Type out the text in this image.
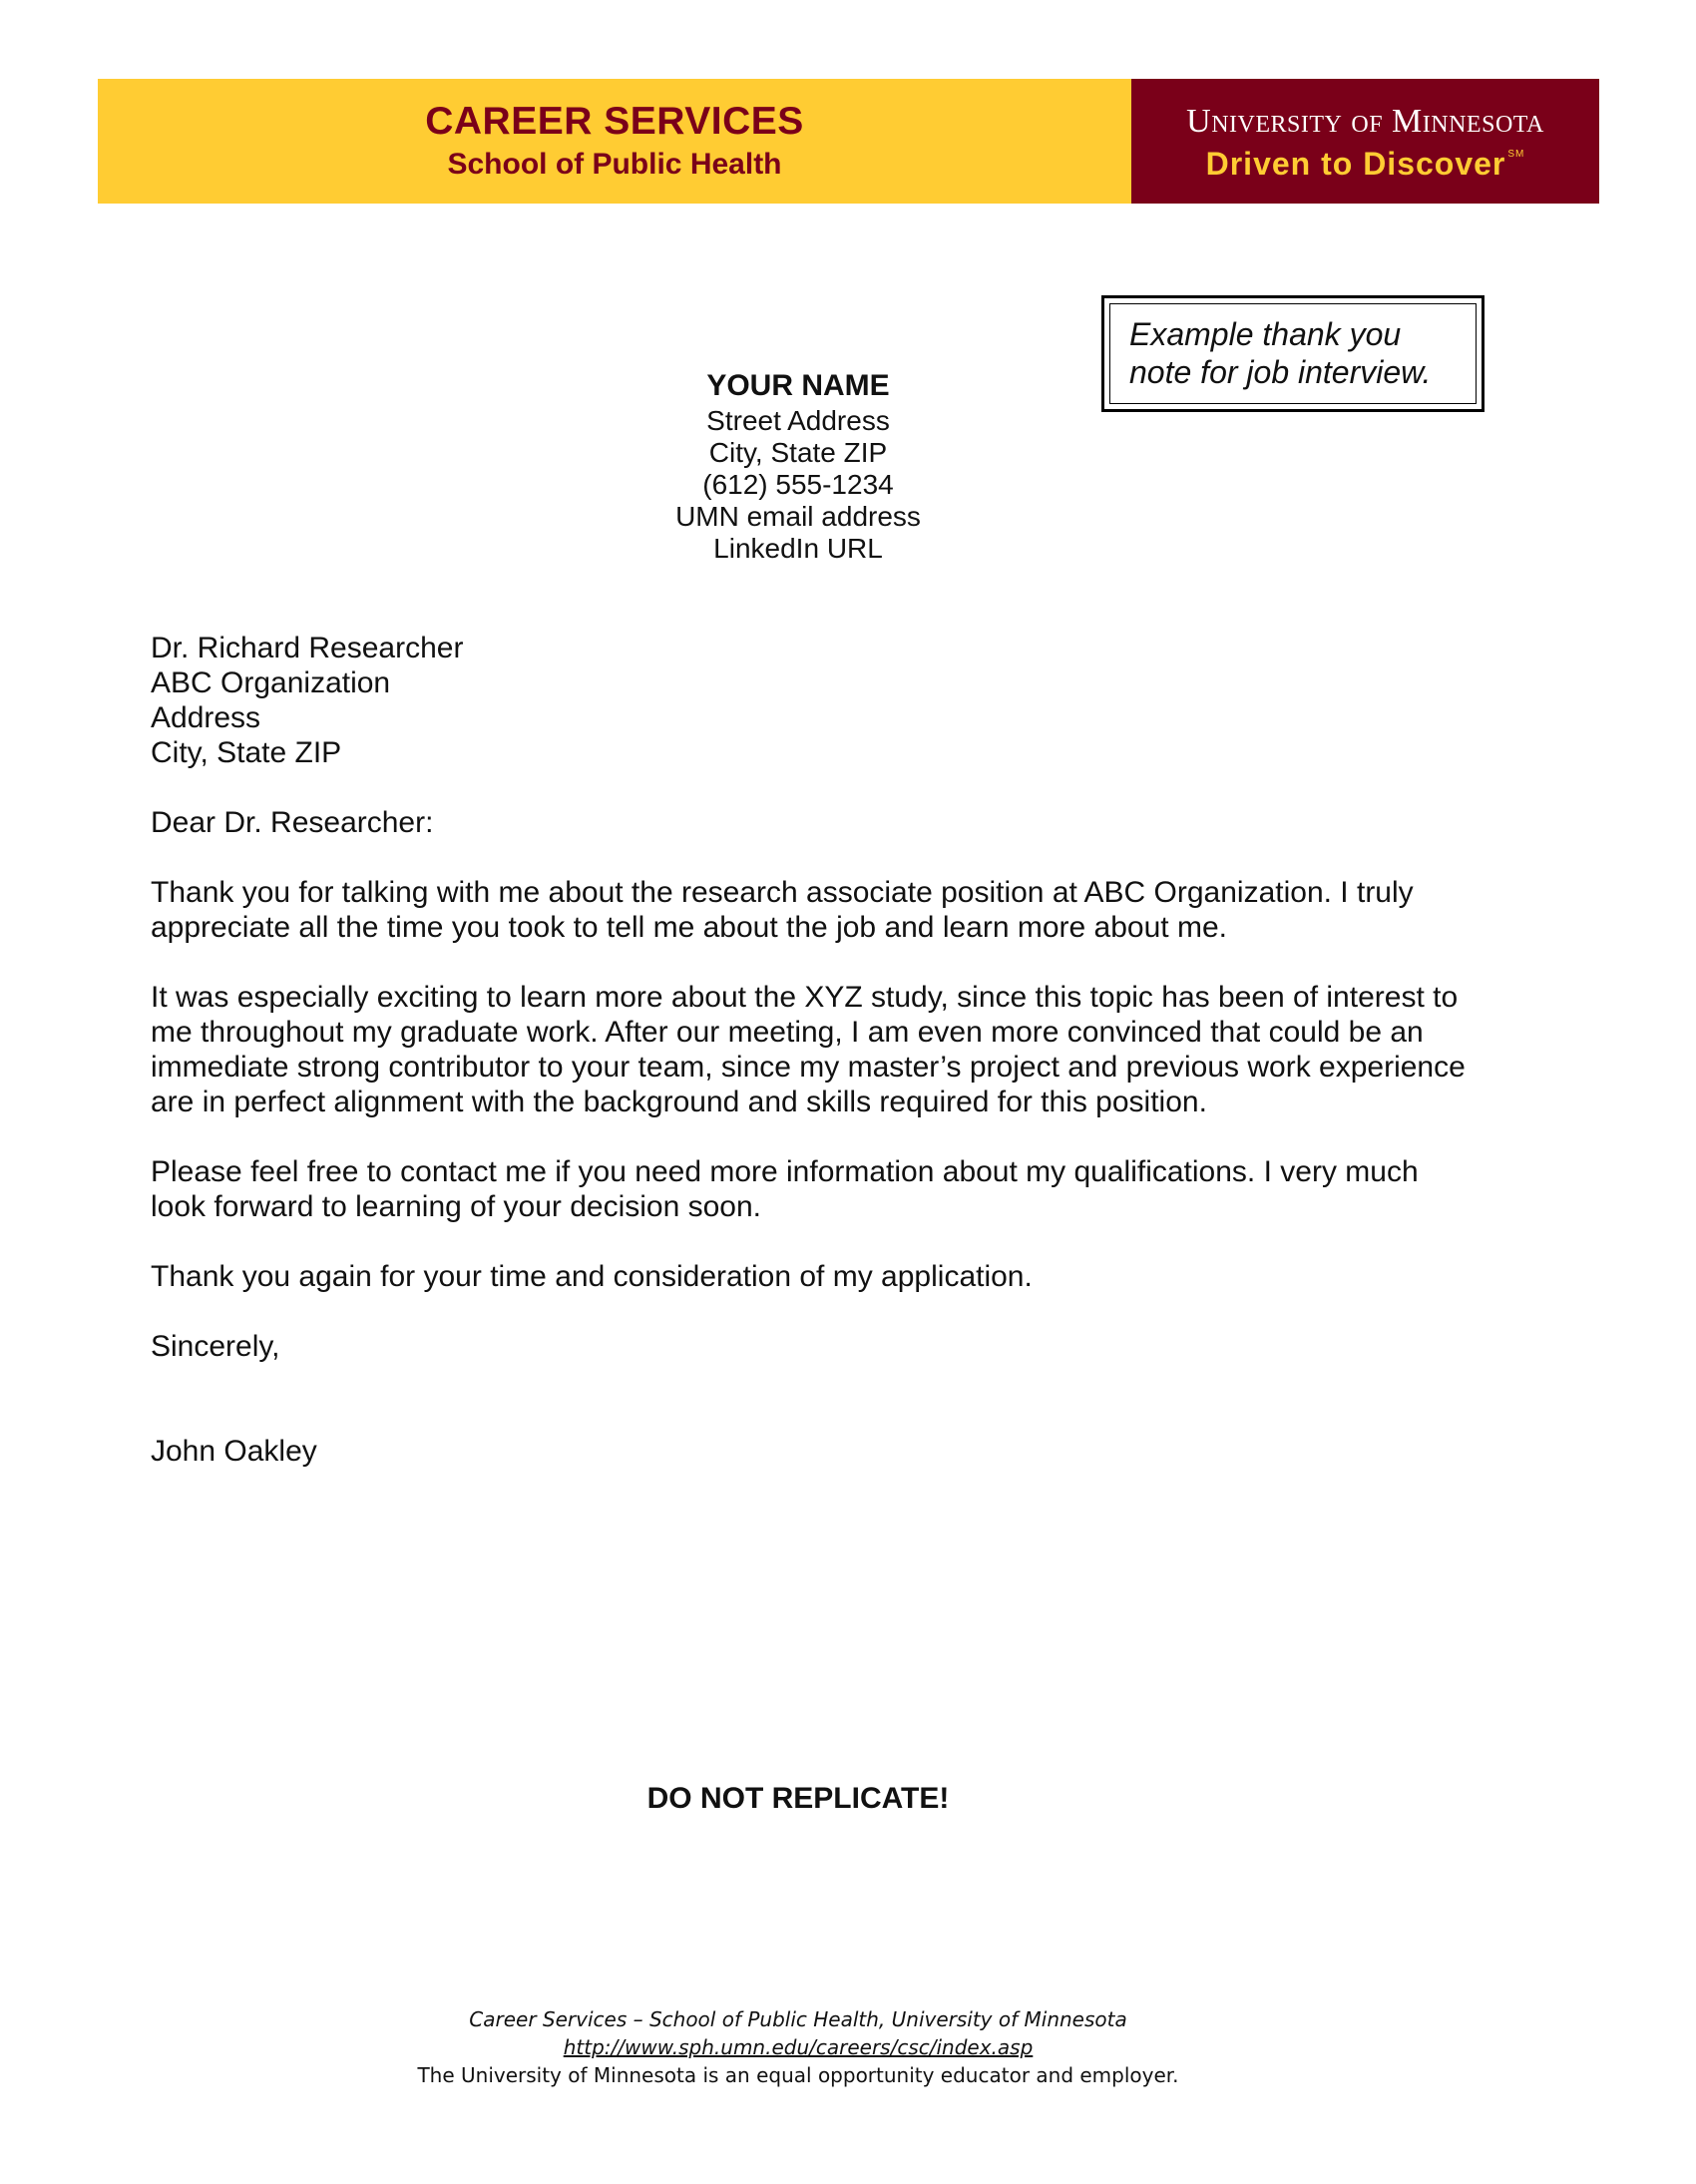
CAREER SERVICES
School of Public Health
University of Minnesota
Driven to Discover ℠
Example thank you
note for job interview.
YOUR NAME
Street Address
City, State ZIP
(612) 555-1234
UMN email address
LinkedIn URL
Dr. Richard Researcher
ABC Organization
Address
City, State ZIP
Dear Dr. Researcher:
Thank you for talking with me about the research associate position at ABC Organization. I truly
appreciate all the time you took to tell me about the job and learn more about me.
It was especially exciting to learn more about the XYZ study, since this topic has been of interest to
me throughout my graduate work. After our meeting, I am even more convinced that could be an
immediate strong contributor to your team, since my master’s project and previous work experience
are in perfect alignment with the background and skills required for this position.
Please feel free to contact me if you need more information about my qualifications. I very much
look forward to learning of your decision soon.
Thank you again for your time and consideration of my application.
Sincerely,
John Oakley
DO NOT REPLICATE!
Career Services – School of Public Health, University of Minnesota
http://www.sph.umn.edu/careers/csc/index.asp
The University of Minnesota is an equal opportunity educator and employer.
